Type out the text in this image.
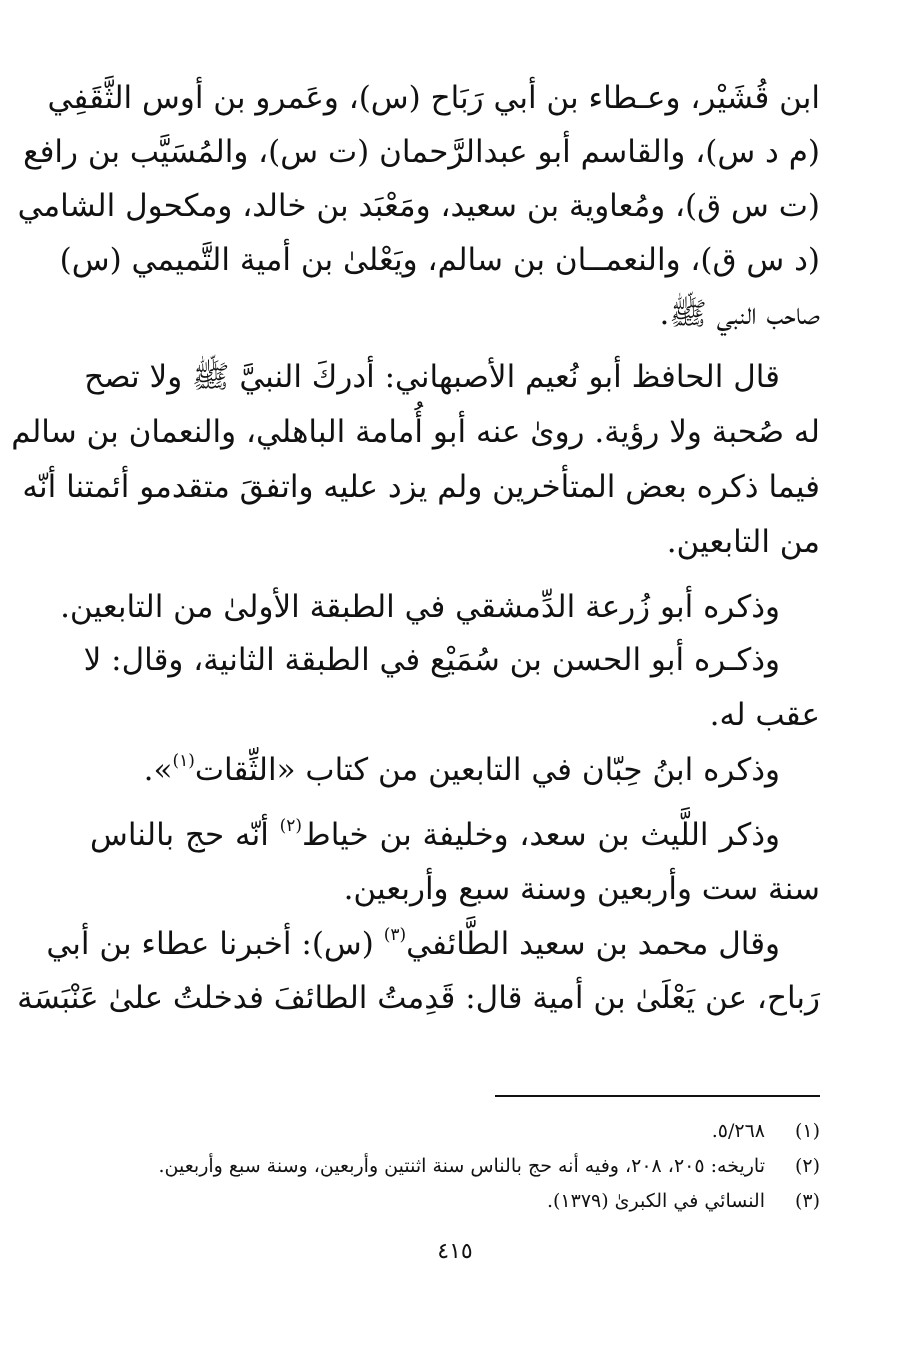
ابن قُشَيْر، وعـطاء بن أبي رَبَاح (س)، وعَمرو بن أوس الثَّقَفِي
(م د س)، والقاسم أبو عبدالرَّحمان (ت س)، والمُسَيَّب بن رافع
(ت س ق)، ومُعاوية بن سعيد، ومَعْبَد بن خالد، ومكحول الشامي
(د س ق)، والنعمــان بن سالم، ويَعْلىٰ بن أمية التَّميمي (س)
صاحب النبي ﷺ.
قال الحافظ أبو نُعيم الأصبهاني: أدركَ النبيَّ ﷺ ولا تصح
له صُحبة ولا رؤية. روىٰ عنه أبو أُمامة الباهلي، والنعمان بن سالم
فيما ذكره بعض المتأخرين ولم يزد عليه واتفقَ متقدمو أئمتنا أنّه
من التابعين.
وذكره أبو زُرعة الدِّمشقي في الطبقة الأولىٰ من التابعين.
وذكـره أبو الحسن بن سُمَيْع في الطبقة الثانية، وقال: لا
عقب له.
وذكره ابنُ حِبّان في التابعين من كتاب «الثِّقات$^{(١)}$».
وذكر اللَّيث بن سعد، وخليفة بن خياط$^{(٢)}$ أنّه حج بالناس
سنة ست وأربعين وسنة سبع وأربعين.
وقال محمد بن سعيد الطَّائفي$^{(٣)}$ (س): أخبرنا عطاء بن أبي
رَباح، عن يَعْلَىٰ بن أمية قال: قَدِمتُ الطائفَ فدخلتُ علىٰ عَنْبَسَة
(١)٥/٢٦٨.
(٢)تاريخه: ٢٠٥، ٢٠٨، وفيه أنه حج بالناس سنة اثنتين وأربعين، وسنة سبع وأربعين.
(٣)النسائي في الكبرىٰ (١٣٧٩).
٤١٥
